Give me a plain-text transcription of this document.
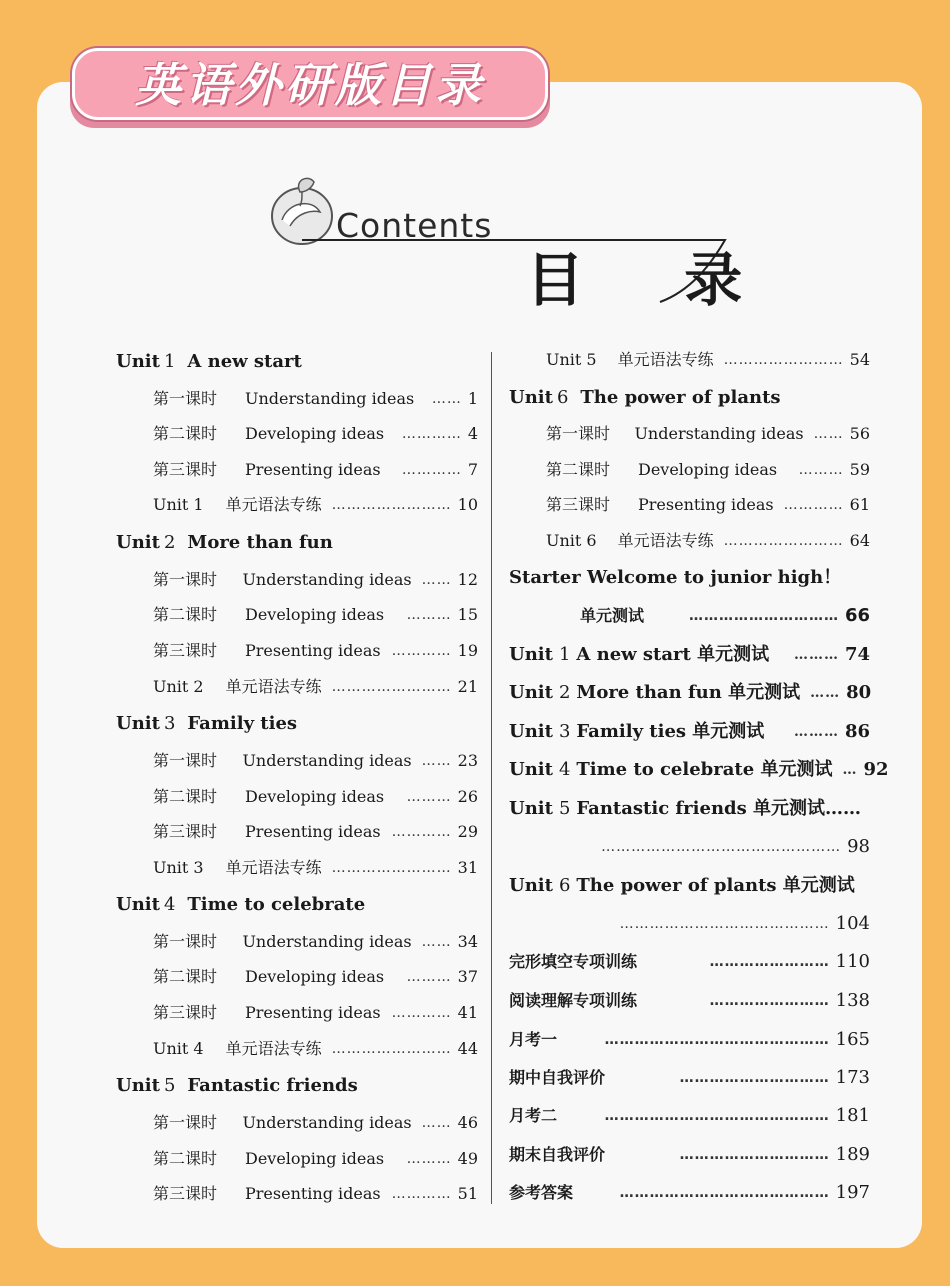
英语外研版目录
Contents
目 录
Unit 1 A new start
第一课时	Understanding ideas	…… 1
第二课时	Developing ideas	………… 4
第三课时	Presenting ideas	………… 7
Unit 1	单元语法专练 …………………… 10
Unit 2 More than fun
第一课时	Understanding ideas …… 12
第二课时	Developing ideas	……… 15
第三课时	Presenting ideas ………… 19
Unit 2	单元语法专练 …………………… 21
Unit 3 Family ties
第一课时	Understanding ideas …… 23
第二课时	Developing ideas	……… 26
第三课时	Presenting ideas ………… 29
Unit 3	单元语法专练 …………………… 31
Unit 4 Time to celebrate
第一课时	Understanding ideas …… 34
第二课时	Developing ideas	……… 37
第三课时	Presenting ideas ………… 41
Unit 4	单元语法专练 …………………… 44
Unit 5 Fantastic friends
第一课时	Understanding ideas …… 46
第二课时	Developing ideas	……… 49
第三课时	Presenting ideas ………… 51
Unit 5	单元语法专练 …………………… 54
Unit 6 The power of plants
第一课时	Understanding ideas …… 56
第二课时	Developing ideas	……… 59
第三课时	Presenting ideas ………… 61
Unit 6	单元语法专练 …………………… 64
Starter Welcome to junior high！
单元测试	………………………… 66
Unit 1 A new start 单元测试	……… 74
Unit 2 More than fun 单元测试 …… 80
Unit 3 Family ties 单元测试	……… 86
Unit 4 Time to celebrate 单元测试 … 92
Unit 5 Fantastic friends 单元测试……
………………………………………… 98
Unit 6 The power of plants 单元测试
…………………………………… 104
完形填空专项训练	…………………… 110
阅读理解专项训练	…………………… 138
月考一	……………………………………… 165
期中自我评价	………………………… 173
月考二	……………………………………… 181
期末自我评价	………………………… 189
参考答案	…………………………………… 197
